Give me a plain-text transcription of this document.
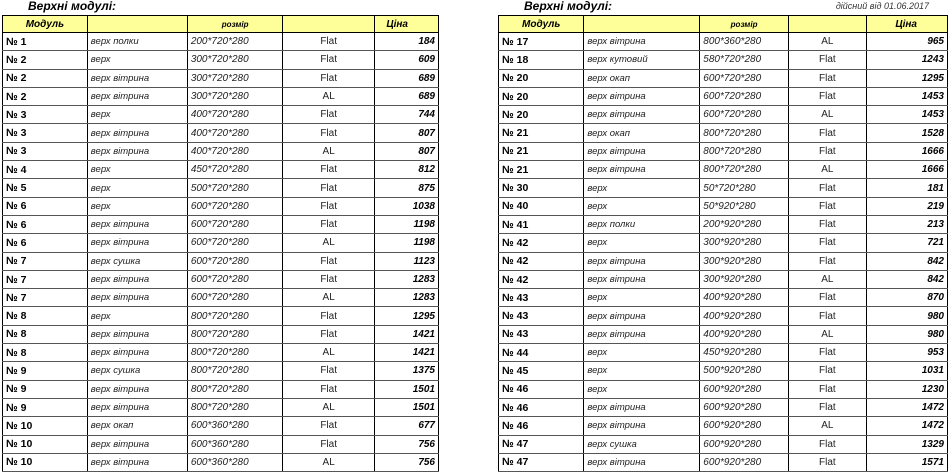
Верхні модулі:
Модуль		розмір		Ціна
№ 1	верх полки	200*720*280	Flat	184
№ 2	верх	300*720*280	Flat	609
№ 2	верх вітрина	300*720*280	Flat	689
№ 2	верх вітрина	300*720*280	AL	689
№ 3	верх	400*720*280	Flat	744
№ 3	верх вітрина	400*720*280	Flat	807
№ 3	верх вітрина	400*720*280	AL	807
№ 4	верх	450*720*280	Flat	812
№ 5	верх	500*720*280	Flat	875
№ 6	верх	600*720*280	Flat	1038
№ 6	верх вітрина	600*720*280	Flat	1198
№ 6	верх вітрина	600*720*280	AL	1198
№ 7	верх сушка	600*720*280	Flat	1123
№ 7	верх вітрина	600*720*280	Flat	1283
№ 7	верх вітрина	600*720*280	AL	1283
№ 8	верх	800*720*280	Flat	1295
№ 8	верх вітрина	800*720*280	Flat	1421
№ 8	верх вітрина	800*720*280	AL	1421
№ 9	верх сушка	800*720*280	Flat	1375
№ 9	верх вітрина	800*720*280	Flat	1501
№ 9	верх вітрина	800*720*280	AL	1501
№ 10	верх окап	600*360*280	Flat	677
№ 10	верх вітрина	600*360*280	Flat	756
№ 10	верх вітрина	600*360*280	AL	756
Верхні модулі:	дійсний від 01.06.2017
Модуль		розмір		Ціна
№ 17	верх вітрина	800*360*280	AL	965
№ 18	верх кутовий	580*720*280	Flat	1243
№ 20	верх окап	600*720*280	Flat	1295
№ 20	верх вітрина	600*720*280	Flat	1453
№ 20	верх вітрина	600*720*280	AL	1453
№ 21	верх окап	800*720*280	Flat	1528
№ 21	верх вітрина	800*720*280	Flat	1666
№ 21	верх вітрина	800*720*280	AL	1666
№ 30	верх	50*720*280	Flat	181
№ 40	верх	50*920*280	Flat	219
№ 41	верх полки	200*920*280	Flat	213
№ 42	верх	300*920*280	Flat	721
№ 42	верх вітрина	300*920*280	Flat	842
№ 42	верх вітрина	300*920*280	AL	842
№ 43	верх	400*920*280	Flat	870
№ 43	верх вітрина	400*920*280	Flat	980
№ 43	верх вітрина	400*920*280	AL	980
№ 44	верх	450*920*280	Flat	953
№ 45	верх	500*920*280	Flat	1031
№ 46	верх	600*920*280	Flat	1230
№ 46	верх вітрина	600*920*280	Flat	1472
№ 46	верх вітрина	600*920*280	AL	1472
№ 47	верх сушка	600*920*280	Flat	1329
№ 47	верх вітрина	600*920*280	Flat	1571
